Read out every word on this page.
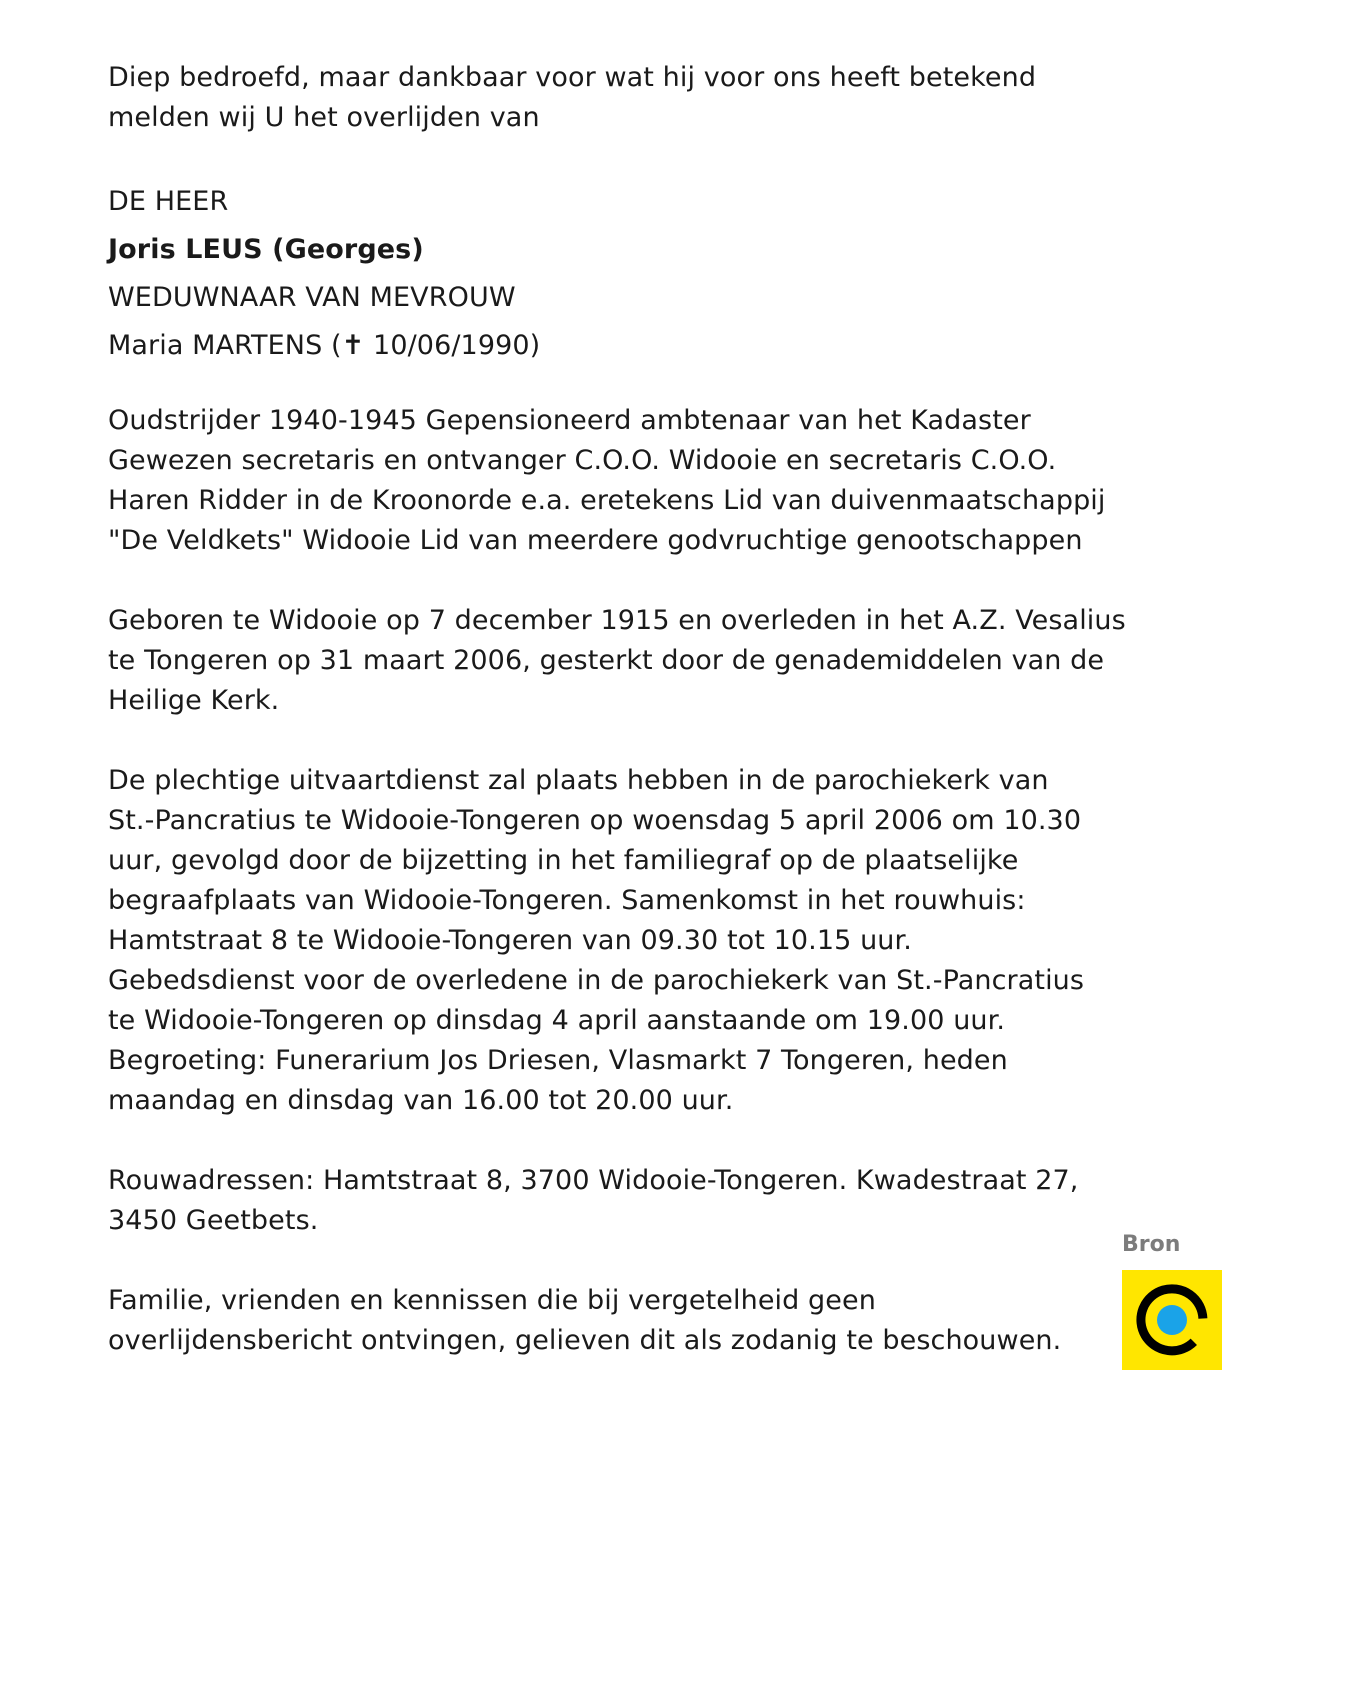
Diep bedroefd, maar dankbaar voor wat hij voor ons heeft betekend
melden wij U het overlijden van
DE HEER
Joris LEUS (Georges)
WEDUWNAAR VAN MEVROUW
Maria MARTENS (✝ 10/06/1990)
Oudstrijder 1940-1945 Gepensioneerd ambtenaar van het Kadaster
Gewezen secretaris en ontvanger C.O.O. Widooie en secretaris C.O.O.
Haren Ridder in de Kroonorde e.a. eretekens Lid van duivenmaatschappij
"De Veldkets" Widooie Lid van meerdere godvruchtige genootschappen
Geboren te Widooie op 7 december 1915 en overleden in het A.Z. Vesalius
te Tongeren op 31 maart 2006, gesterkt door de genademiddelen van de
Heilige Kerk.
De plechtige uitvaartdienst zal plaats hebben in de parochiekerk van
St.-Pancratius te Widooie-Tongeren op woensdag 5 april 2006 om 10.30
uur, gevolgd door de bijzetting in het familiegraf op de plaatselijke
begraafplaats van Widooie-Tongeren. Samenkomst in het rouwhuis:
Hamtstraat 8 te Widooie-Tongeren van 09.30 tot 10.15 uur.
Gebedsdienst voor de overledene in de parochiekerk van St.-Pancratius
te Widooie-Tongeren op dinsdag 4 april aanstaande om 19.00 uur.
Begroeting: Funerarium Jos Driesen, Vlasmarkt 7 Tongeren, heden
maandag en dinsdag van 16.00 tot 20.00 uur.
Rouwadressen: Hamtstraat 8, 3700 Widooie-Tongeren. Kwadestraat 27,
3450 Geetbets.
Familie, vrienden en kennissen die bij vergetelheid geen
overlijdensbericht ontvingen, gelieven dit als zodanig te beschouwen.
Bron
